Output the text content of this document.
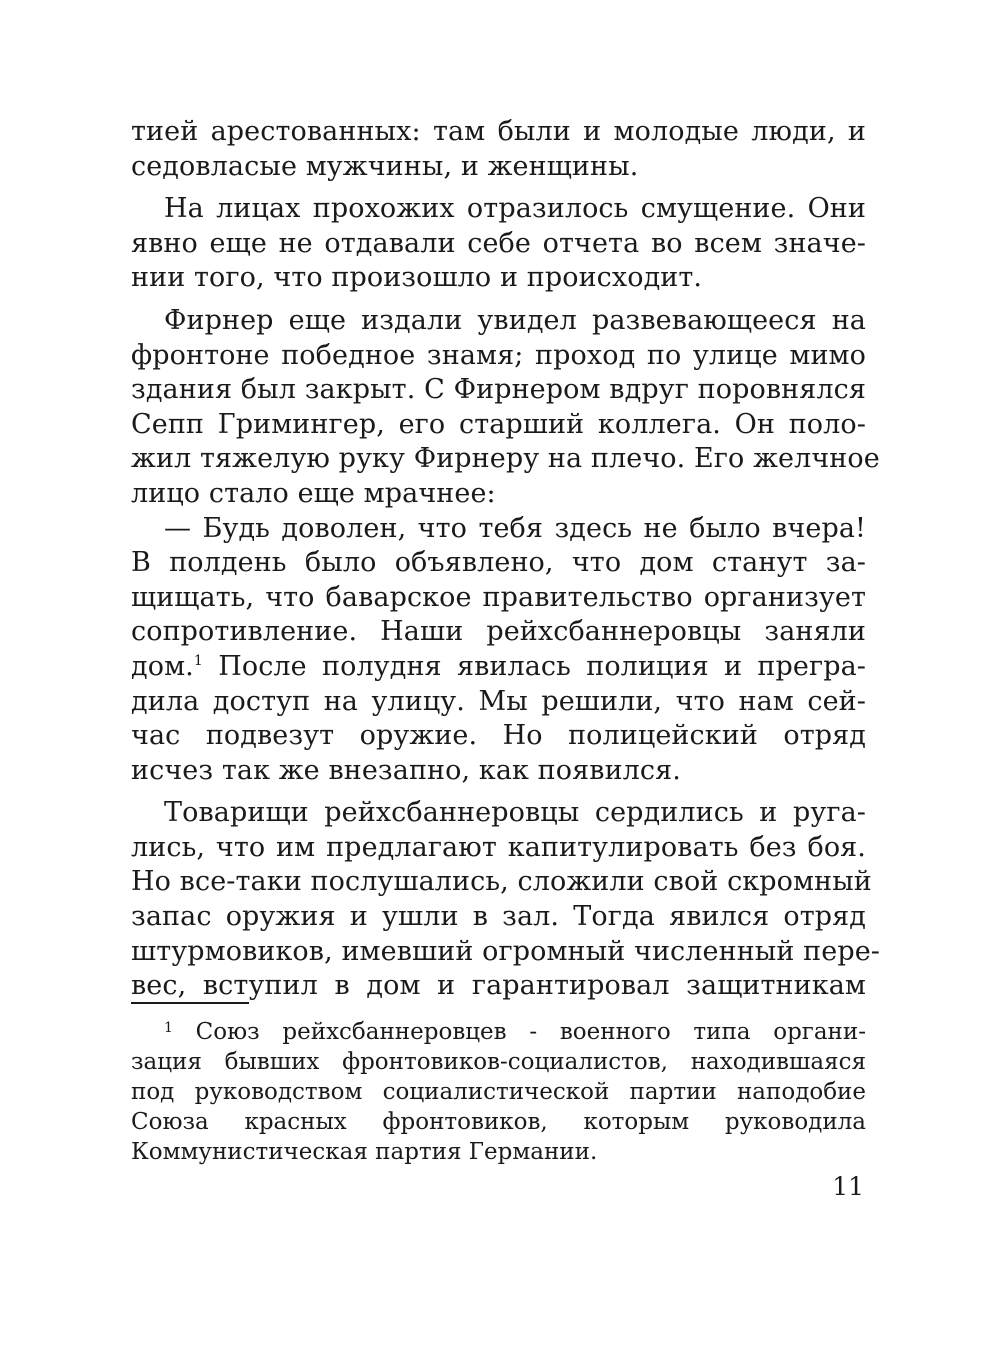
тией арестованных: там были и молодые люди, и
седовласые мужчины, и женщины.

На лицах прохожих отразилось смущение. Они
явно еще не отдавали себе отчета во всем значе-
нии того, что произошло и происходит.

Фирнер еще издали увидел развевающееся на
фронтоне победное знамя; проход по улице мимо
здания был закрыт. С Фирнером вдруг поровнялся
Сепп Гримингер, его старший коллега. Он поло-
жил тяжелую руку Фирнеру на плечо. Его желчное
лицо стало еще мрачнее:

— Будь доволен, что тебя здесь не было вчера!
В полдень было объявлено, что дом станут за-
щищать, что баварское правительство организует
сопротивление. Наши рейхсбаннеровцы заняли
дом.$^1$ После полудня явилась полиция и прегра-
дила доступ на улицу. Мы решили, что нам сей-
час подвезут оружие. Но полицейский отряд
исчез так же внезапно, как появился.

Товарищи рейхсбаннеровцы сердились и руга-
лись, что им предлагают капитулировать без боя.
Но все-таки послушались, сложили свой скромный
запас оружия и ушли в зал. Тогда явился отряд
штурмовиков, имевший огромный численный пере-
вес, вступил в дом и гарантировал защитникам

$^1$ Союз рейхсбаннеровцев - военного типа органи-
зация бывших фронтовиков-социалистов, находившаяся
под руководством социалистической партии наподобие
Союза красных фронтовиков, которым руководила
Коммунистическая партия Германии.
11
